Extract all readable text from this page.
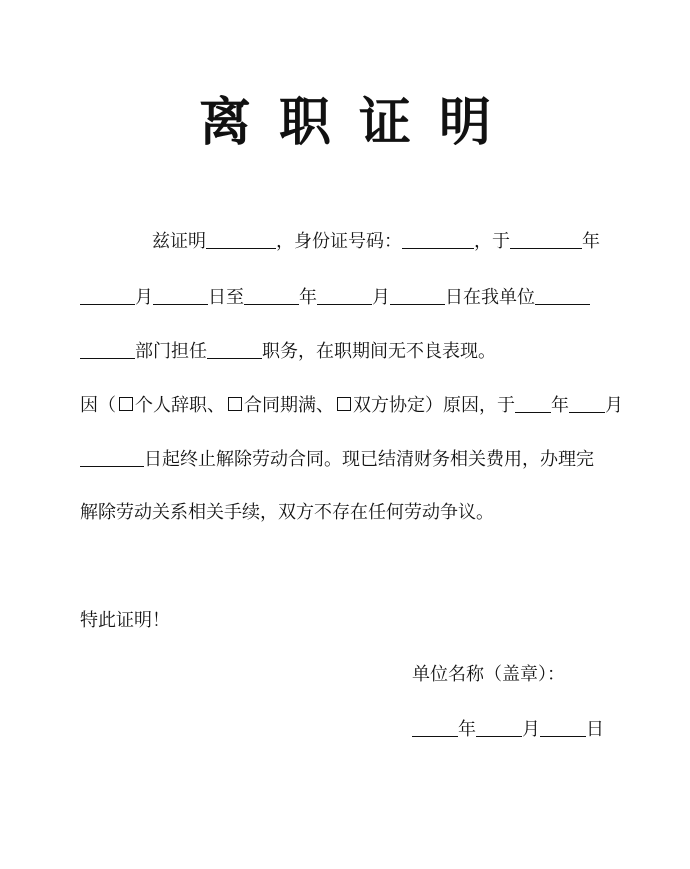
离职证明
兹证明	，身份证号码：	，于	年
月	日至	年	月	日在我单位
部门担任	职务，在职期间无不良表现。
因（ 个人辞职、 合同期满、 双方协定）原因，于 年 月
日起终止解除劳动合同。现已结清财务相关费用，办理完
解除劳动关系相关手续，双方不存在任何劳动争议。
特此证明！
单位名称（盖章）：
年	月	日
